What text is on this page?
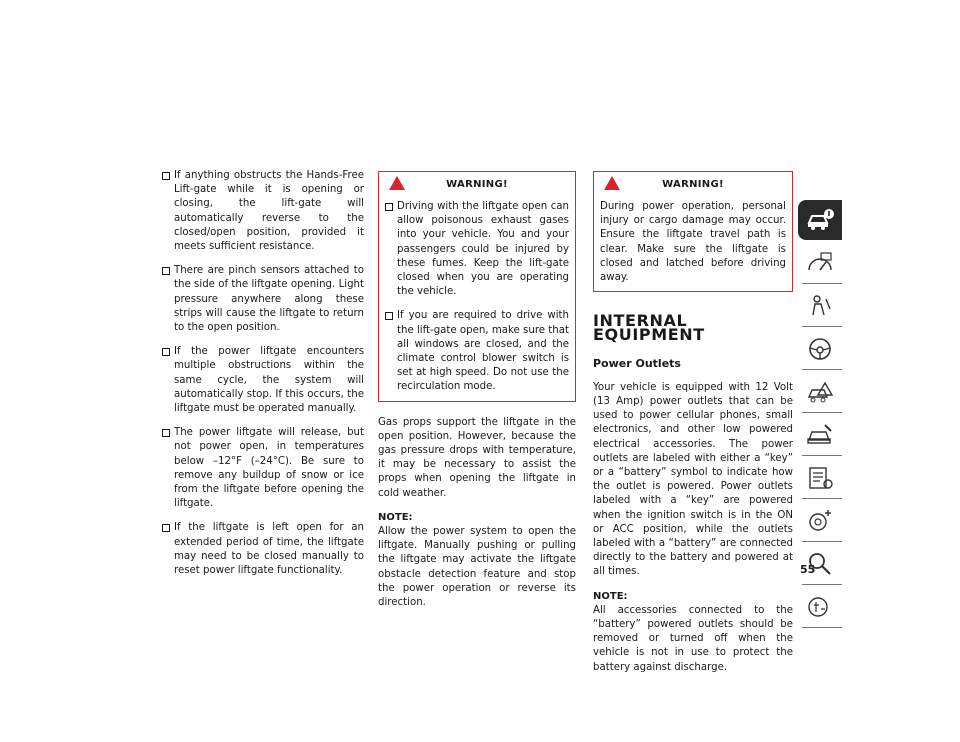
If anything obstructs the Hands-Free Lift-gate while it is opening or closing, the lift-gate will automatically reverse to the closed/open position, provided it meets sufficient resistance.
There are pinch sensors attached to the side of the liftgate opening. Light pressure anywhere along these strips will cause the liftgate to return to the open position.
If the power liftgate encounters multiple obstructions within the same cycle, the system will automatically stop. If this occurs, the liftgate must be operated manually.
The power liftgate will release, but not power open, in temperatures below –12°F (–24°C). Be sure to remove any buildup of snow or ice from the liftgate before opening the liftgate.
If the liftgate is left open for an extended period of time, the liftgate may need to be closed manually to reset power liftgate functionality.
WARNING!
Driving with the liftgate open can allow poisonous exhaust gases into your vehicle. You and your passengers could be injured by these fumes. Keep the lift-gate closed when you are operating the vehicle.
If you are required to drive with the lift-gate open, make sure that all windows are closed, and the climate control blower switch is set at high speed. Do not use the recirculation mode.

Gas props support the liftgate in the open position. However, because the gas pressure drops with temperature, it may be necessary to assist the props when opening the liftgate in cold weather.

NOTE:

Allow the power system to open the liftgate. Manually pushing or pulling the liftgate may activate the liftgate obstacle detection feature and stop the power operation or reverse its direction.

WARNING!

During power operation, personal injury or cargo damage may occur. Ensure the liftgate travel path is clear. Make sure the liftgate is closed and latched before driving away.

INTERNAL EQUIPMENT
Power Outlets

Your vehicle is equipped with 12 Volt (13 Amp) power outlets that can be used to power cellular phones, small electronics, and other low powered electrical accessories. The power outlets are labeled with either a “key” or a “battery” symbol to indicate how the outlet is powered. Power outlets labeled with a “key” are powered when the ignition switch is in the ON or ACC position, while the outlets labeled with a “battery” are connected directly to the battery and powered at all times.

NOTE:

All accessories connected to the “battery” powered outlets should be removed or turned off when the vehicle is not in use to protect the battery against discharge.

55
